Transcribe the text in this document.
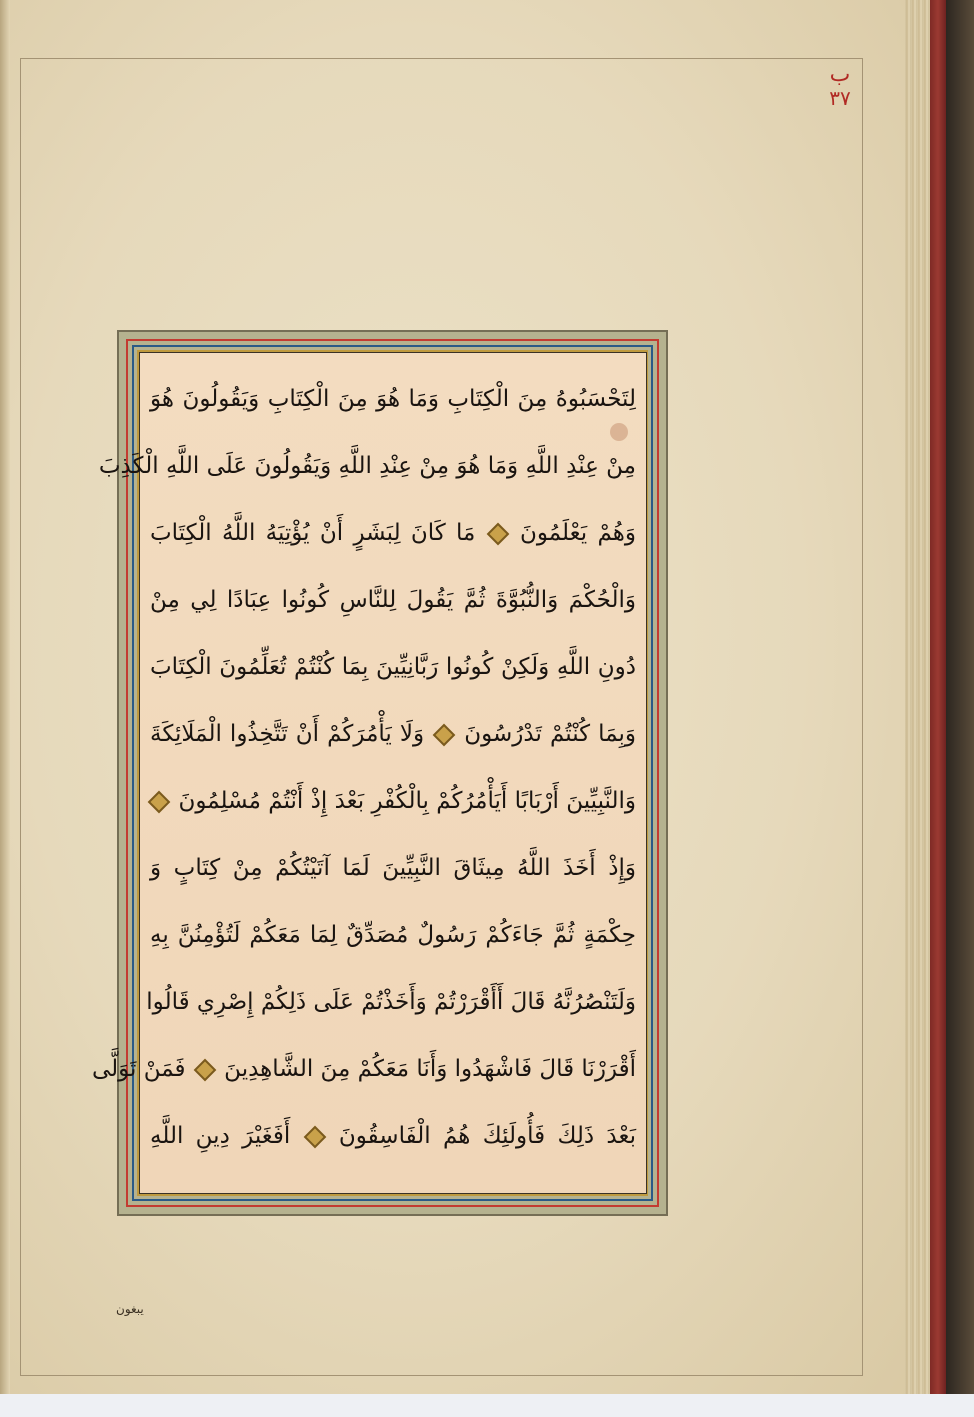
ب
٣٧
لِتَحْسَبُوهُ مِنَ الْكِتَابِ وَمَا هُوَ مِنَ الْكِتَابِ وَيَقُولُونَ هُوَ
مِنْ عِنْدِ اللَّهِ وَمَا هُوَ مِنْ عِنْدِ اللَّهِ وَيَقُولُونَ عَلَى اللَّهِ الْكَذِبَ
وَهُمْ يَعْلَمُونَ  مَا كَانَ لِبَشَرٍ أَنْ يُؤْتِيَهُ اللَّهُ الْكِتَابَ
وَالْحُكْمَ وَالنُّبُوَّةَ ثُمَّ يَقُولَ لِلنَّاسِ كُونُوا عِبَادًا لِي مِنْ
دُونِ اللَّهِ وَلَكِنْ كُونُوا رَبَّانِيِّينَ بِمَا كُنْتُمْ تُعَلِّمُونَ الْكِتَابَ
وَبِمَا كُنْتُمْ تَدْرُسُونَ  وَلَا يَأْمُرَكُمْ أَنْ تَتَّخِذُوا الْمَلَائِكَةَ
وَالنَّبِيِّينَ أَرْبَابًا أَيَأْمُرُكُمْ بِالْكُفْرِ بَعْدَ إِذْ أَنْتُمْ مُسْلِمُونَ
وَإِذْ أَخَذَ اللَّهُ مِيثَاقَ النَّبِيِّينَ لَمَا آتَيْتُكُمْ مِنْ كِتَابٍ وَ
حِكْمَةٍ ثُمَّ جَاءَكُمْ رَسُولٌ مُصَدِّقٌ لِمَا مَعَكُمْ لَتُؤْمِنُنَّ بِهِ
وَلَتَنْصُرُنَّهُ قَالَ أَأَقْرَرْتُمْ وَأَخَذْتُمْ عَلَى ذَلِكُمْ إِصْرِي قَالُوا
أَقْرَرْنَا قَالَ فَاشْهَدُوا وَأَنَا مَعَكُمْ مِنَ الشَّاهِدِينَ  فَمَنْ تَوَلَّى
بَعْدَ ذَلِكَ فَأُولَئِكَ هُمُ الْفَاسِقُونَ  أَفَغَيْرَ دِينِ اللَّهِ
يبغون
